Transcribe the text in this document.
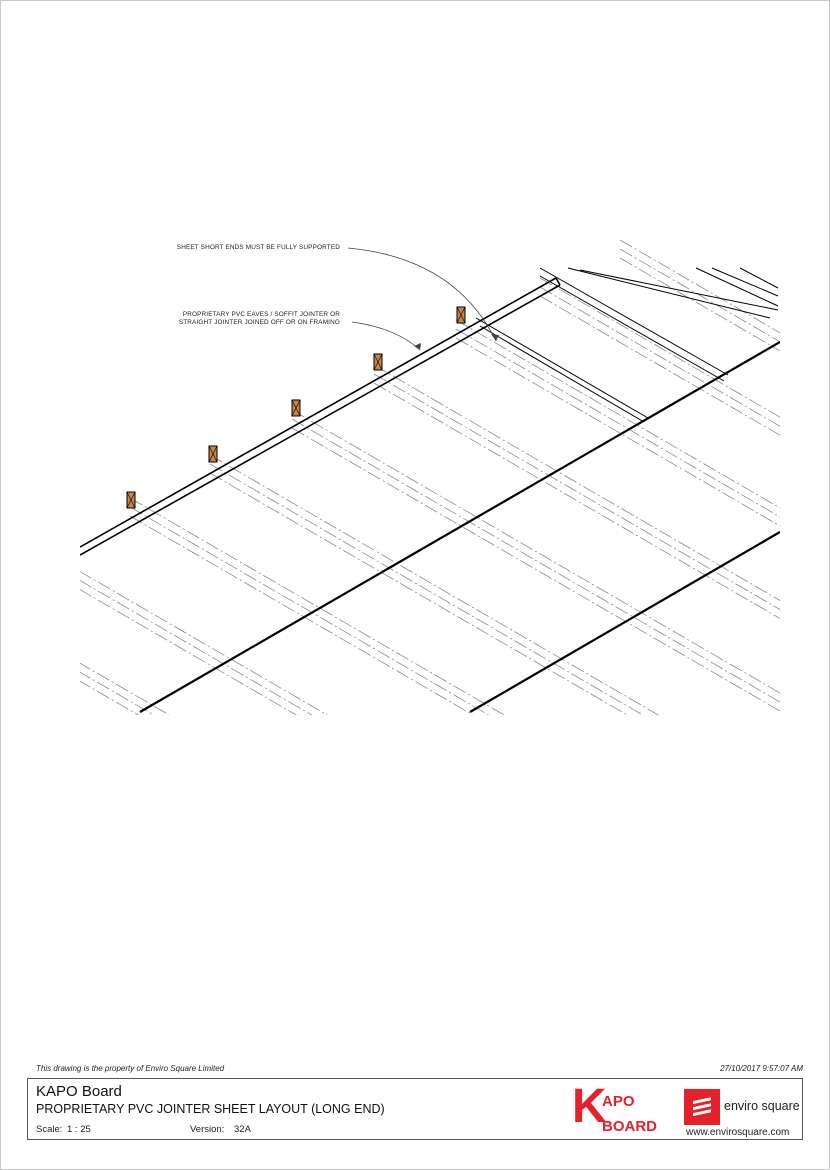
SHEET SHORT ENDS MUST BE FULLY SUPPORTED
PROPRIETARY PVC EAVES / SOFFIT JOINTER OR
STRAIGHT JOINTER JOINED OFF OR ON FRAMING
This drawing is the property of Enviro Square Limited	27/10/2017 9:57:07 AM
KAPO Board
PROPRIETARY PVC JOINTER SHEET LAYOUT (LONG END)
Scale: 1 : 25	Version: 32A	K
APO
BOARD
enviro square
www.envirosquare.com
